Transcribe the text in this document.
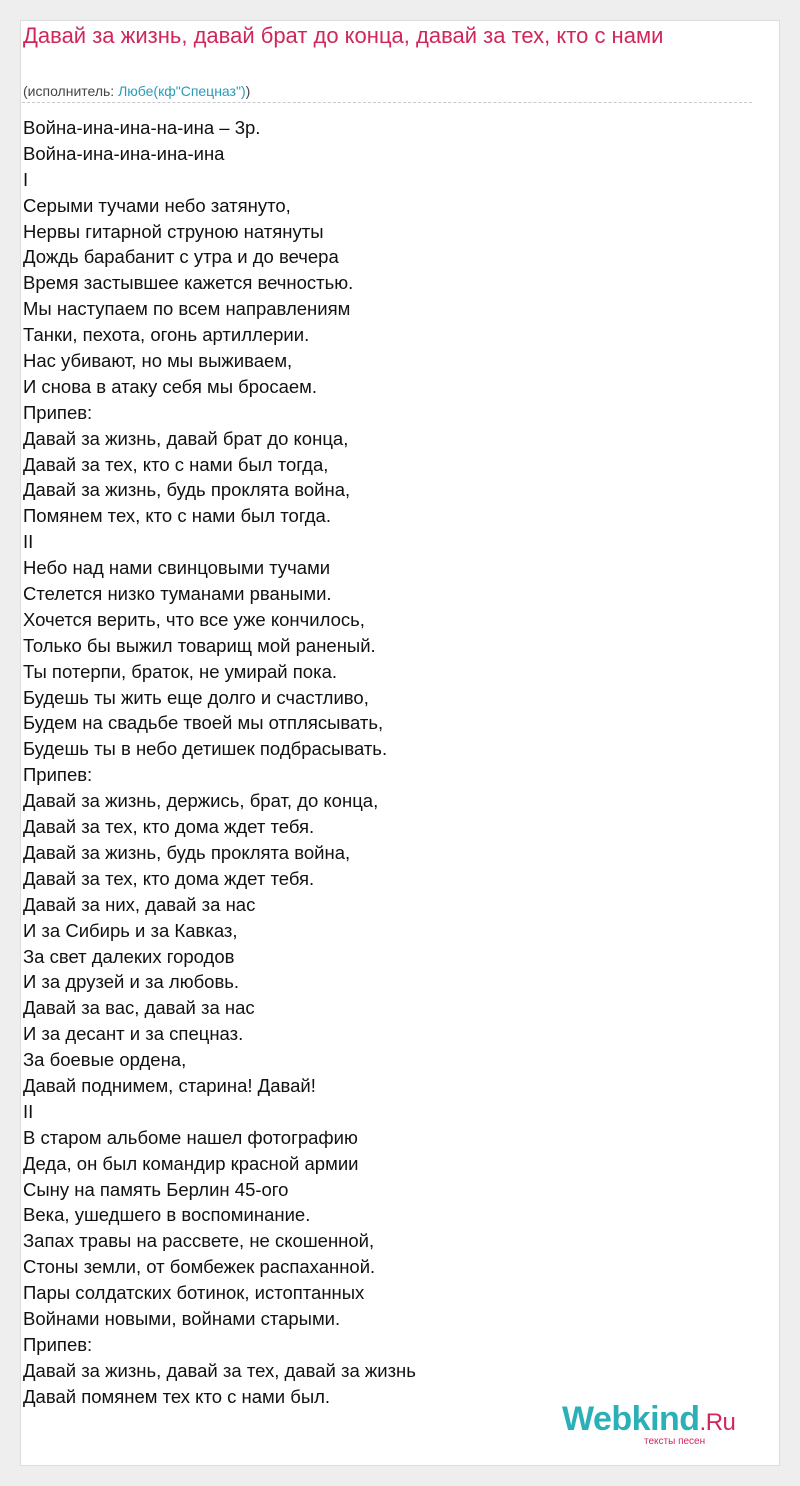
Давай за жизнь, давай брат до конца, давай за тех, кто с нами
(исполнитель: Любе(кф"Спецназ"))
Война-ина-ина-на-ина – 3р.
Война-ина-ина-ина-ина
I
Серыми тучами небо затянуто,
Нервы гитарной струною натянуты
Дождь барабанит с утра и до вечера
Время застывшее кажется вечностью.
Мы наступаем по всем направлениям
Танки, пехота, огонь артиллерии.
Нас убивают, но мы выживаем,
И снова в атаку себя мы бросаем.
Припев:
Давай за жизнь, давай брат до конца,
Давай за тех, кто с нами был тогда,
Давай за жизнь, будь проклята война,
Помянем тех, кто с нами был тогда.
II
Небо над нами свинцовыми тучами
Стелется низко туманами рваными.
Хочется верить, что все уже кончилось,
Только бы выжил товарищ мой раненый.
Ты потерпи, браток, не умирай пока.
Будешь ты жить еще долго и счастливо,
Будем на свадьбе твоей мы отплясывать,
Будешь ты в небо детишек подбрасывать.
Припев:
Давай за жизнь, держись, брат, до конца,
Давай за тех, кто дома ждет тебя.
Давай за жизнь, будь проклята война,
Давай за тех, кто дома ждет тебя.
Давай за них, давай за нас
И за Сибирь и за Кавказ,
За свет далеких городов
И за друзей и за любовь.
Давай за вас, давай за нас
И за десант и за спецназ.
За боевые ордена,
Давай поднимем, старина! Давай!
II
В старом альбоме нашел фотографию
Деда, он был командир красной армии
Сыну на память Берлин 45-ого
Века, ушедшего в воспоминание.
Запах травы на рассвете, не скошенной,
Стоны земли, от бомбежек распаханной.
Пары солдатских ботинок, истоптанных
Войнами новыми, войнами старыми.
Припев:
Давай за жизнь, давай за тех, давай за жизнь
Давай помянем тех кто с нами был.
Webkind.Ru
тексты песен
